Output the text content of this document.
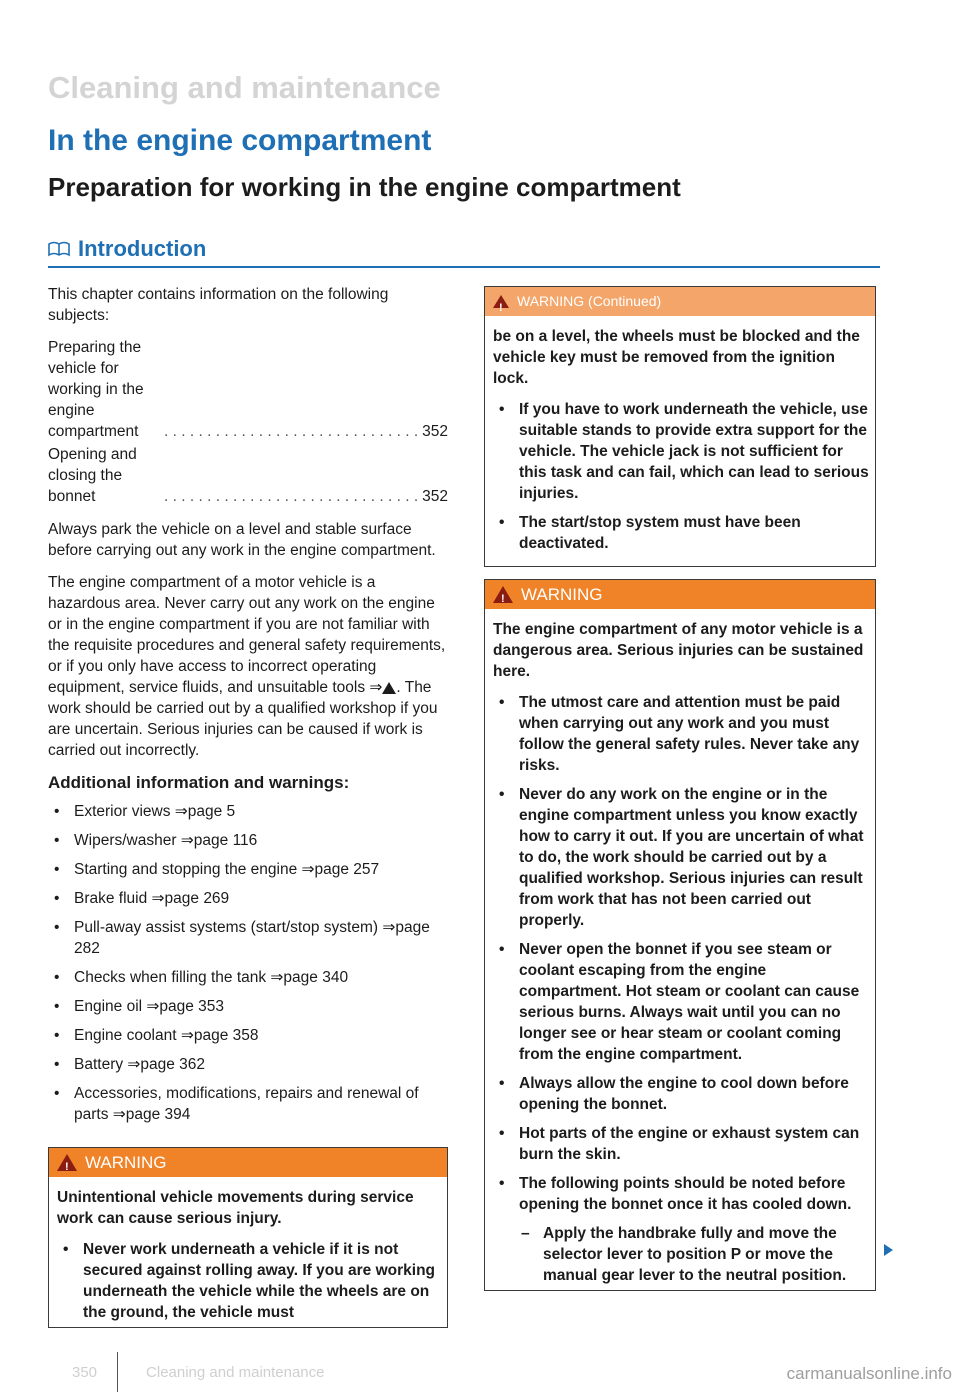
Cleaning and maintenance
In the engine compartment
Preparation for working in the engine compartment
Introduction

This chapter contains information on the following subjects:

Preparing the vehicle for working in the engine compartment	. . . . . . . . . . . . . . . . . . . . . . . . . . . . . . 352
Opening and closing the bonnet	. . . . . . . . . . . . . . . . . . . . . . . . . . . . . . 352

Always park the vehicle on a level and stable surface before carrying out any work in the engine compartment.

The engine compartment of a motor vehicle is a hazardous area. Never carry out any work on the engine or in the engine compartment if you are not familiar with the requisite procedures and general safety requirements, or if you only have access to incorrect operating equipment, service fluids, and unsuitable tools ⇒ . The work should be carried out by a qualified workshop if you are uncertain. Serious injuries can be caused if work is carried out incorrectly.

Additional information and warnings:
• Exterior views ⇒page 5
• Wipers/washer ⇒page 116
• Starting and stopping the engine ⇒page 257
• Brake fluid ⇒page 269
• Pull-away assist systems (start/stop system) ⇒page 282
• Checks when filling the tank ⇒page 340
• Engine oil ⇒page 353
• Engine coolant ⇒page 358
• Battery ⇒page 362
• Accessories, modifications, repairs and renewal of parts ⇒page 394
!
WARNING

Unintentional vehicle movements during service work can cause serious injury.

• Never work underneath a vehicle if it is not secured against rolling away. If you are working underneath the vehicle while the wheels are on the ground, the vehicle must
!
WARNING (Continued)

be on a level, the wheels must be blocked and the vehicle key must be removed from the ignition lock.

• If you have to work underneath the vehicle, use suitable stands to provide extra support for the vehicle. The vehicle jack is not sufficient for this task and can fail, which can lead to serious injuries.
• The start/stop system must have been deactivated.
!
WARNING

The engine compartment of any motor vehicle is a dangerous area. Serious injuries can be sustained here.

• The utmost care and attention must be paid when carrying out any work and you must follow the general safety rules. Never take any risks.
• Never do any work on the engine or in the engine compartment unless you know exactly how to carry it out. If you are uncertain of what to do, the work should be carried out by a qualified workshop. Serious injuries can result from work that has not been carried out properly.
• Never open the bonnet if you see steam or coolant escaping from the engine compartment. Hot steam or coolant can cause serious burns. Always wait until you can no longer see or hear steam or coolant coming from the engine compartment.
• Always allow the engine to cool down before opening the bonnet.
• Hot parts of the engine or exhaust system can burn the skin.
• The following points should be noted before opening the bonnet once it has cooled down.
– Apply the handbrake fully and move the selector lever to position P or move the manual gear lever to the neutral position.
350	Cleaning and maintenance	carmanualsonline.info
